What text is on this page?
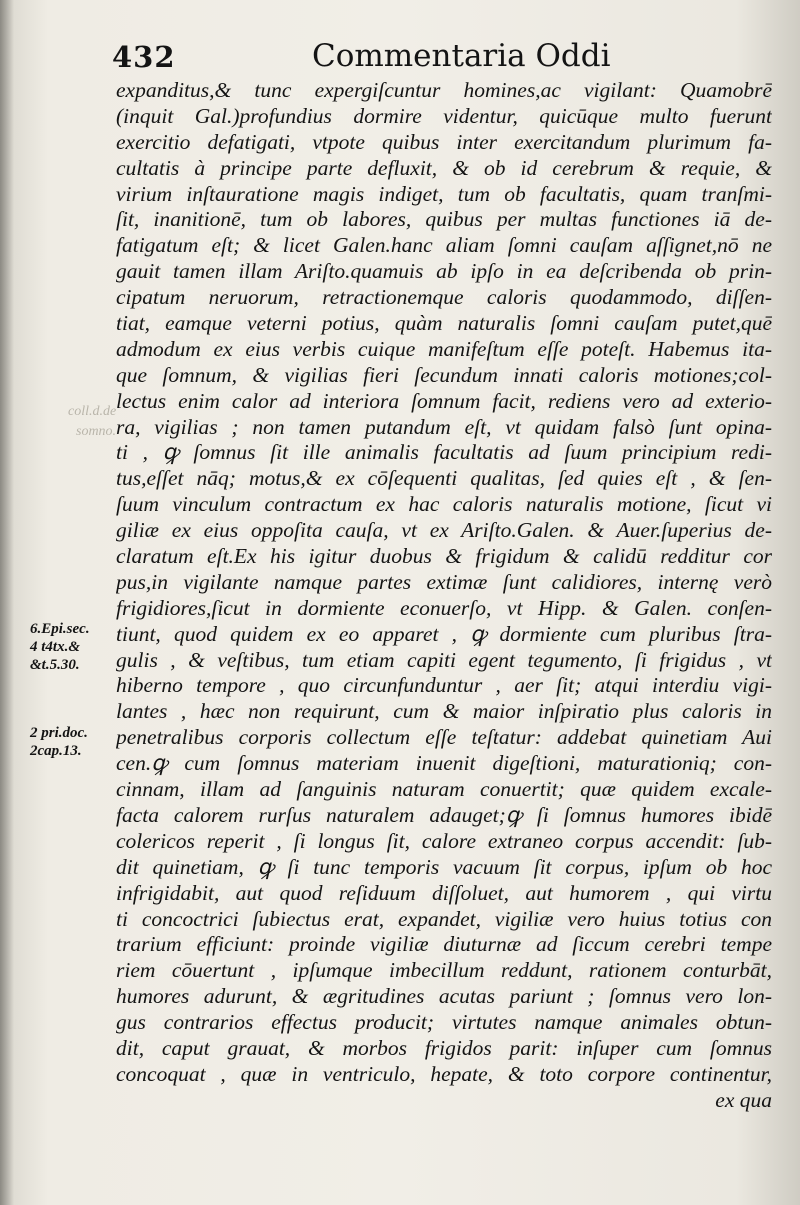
432	Commentaria Oddi
expanditus,& tunc expergiſcuntur homines,ac vigilant: Quamobrē
(inquit Gal.)profundius dormire videntur, quicūque multo fuerunt
exercitio defatigati, vtpote quibus inter exercitandum plurimum fa-
cultatis à principe parte defluxit, & ob id cerebrum & requie, &
virium inſtauratione magis indiget, tum ob facultatis, quam tranſmi-
ſit, inanitionē, tum ob labores, quibus per multas functiones iā de-
fatigatum eſt; & licet Galen.hanc aliam ſomni cauſam aſſignet,nō ne
gauit tamen illam Ariſto.quamuis ab ipſo in ea deſcribenda ob prin-
cipatum neruorum, retractionemque caloris quodammodo, diſſen-
tiat, eamque veterni potius, quàm naturalis ſomni cauſam putet,quē
admodum ex eius verbis cuique manifeſtum eſſe poteſt. Habemus ita-
que ſomnum, & vigilias fieri ſecundum innati caloris motiones;col-
lectus enim calor ad interiora ſomnum facit, rediens vero ad exterio-
ra, vigilias ; non tamen putandum eſt, vt quidam falsò ſunt opina-
ti , ꝙ ſomnus ſit ille animalis facultatis ad ſuum principium redi-
tus,eſſet nāq; motus,& ex cōſequenti qualitas, ſed quies eſt , & ſen-
ſuum vinculum contractum ex hac caloris naturalis motione, ſicut vi
giliæ ex eius oppoſita cauſa, vt ex Ariſto.Galen. & Auer.ſuperius de-
claratum eſt.Ex his igitur duobus & frigidum & calidū redditur cor
pus,in vigilante namque partes extimæ ſunt calidiores, internę verò
frigidiores,ſicut in dormiente econuerſo, vt Hipp. & Galen. conſen-
tiunt, quod quidem ex eo apparet , ꝙ dormiente cum pluribus ſtra-
gulis , & veſtibus, tum etiam capiti egent tegumento, ſi frigidus , vt
hiberno tempore , quo circunfunduntur , aer ſit; atqui interdiu vigi-
lantes , hæc non requirunt, cum & maior inſpiratio plus caloris in
penetralibus corporis collectum eſſe teſtatur: addebat quinetiam Aui
cen.ꝙ cum ſomnus materiam inuenit digeſtioni, maturationiq; con-
cinnam, illam ad ſanguinis naturam conuertit; quæ quidem excale-
facta calorem rurſus naturalem adauget;ꝙ ſi ſomnus humores ibidē
colericos reperit , ſi longus ſit, calore extraneo corpus accendit: ſub-
dit quinetiam, ꝙ ſi tunc temporis vacuum ſit corpus, ipſum ob hoc
infrigidabit, aut quod reſiduum diſſoluet, aut humorem , qui virtu
ti concoctrici ſubiectus erat, expandet, vigiliæ vero huius totius con
trarium efficiunt: proinde vigiliæ diuturnæ ad ſiccum cerebri tempe
riem cōuertunt , ipſumque imbecillum reddunt, rationem conturbāt,
humores adurunt, & ægritudines acutas pariunt ; ſomnus vero lon-
gus contrarios effectus producit; virtutes namque animales obtun-
dit, caput grauat, & morbos frigidos parit: inſuper cum ſomnus
concoquat , quæ in ventriculo, hepate, & toto corpore continentur,
ex qua
6.Epi.sec.
4 t4tx.&
&t.5.30.
2 pri.doc.
2cap.13.
coll.d.de
somno.
